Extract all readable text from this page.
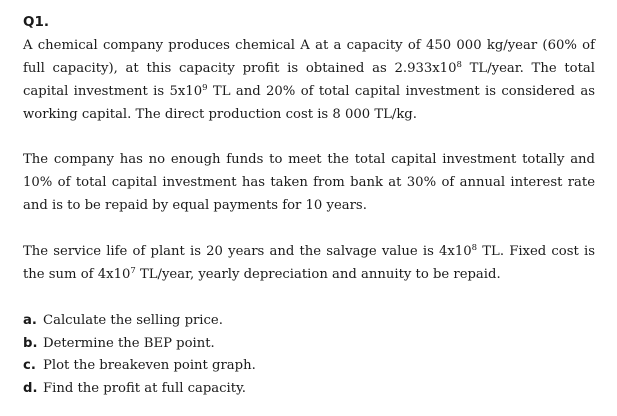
Q1.

A chemical company produces chemical A at a capacity of 450 000 kg/year (60% of
full capacity), at this capacity profit is obtained as $2.933x10^8$ TL/year. The total
capital investment is $5x10^9$ TL and 20% of total capital investment is considered as
working capital. The direct production cost is 8 000 TL/kg.

The company has no enough funds to meet the total capital investment totally and
10% of total capital investment has taken from bank at 30% of annual interest rate
and is to be repaid by equal payments for 10 years.

The service life of plant is 20 years and the salvage value is $4x10^8$ TL. Fixed cost is
the sum of $4x10^7$ TL/year, yearly depreciation and annuity to be repaid.

a. Calculate the selling price.
b. Determine the BEP point.
c. Plot the breakeven point graph.
d. Find the profit at full capacity.
